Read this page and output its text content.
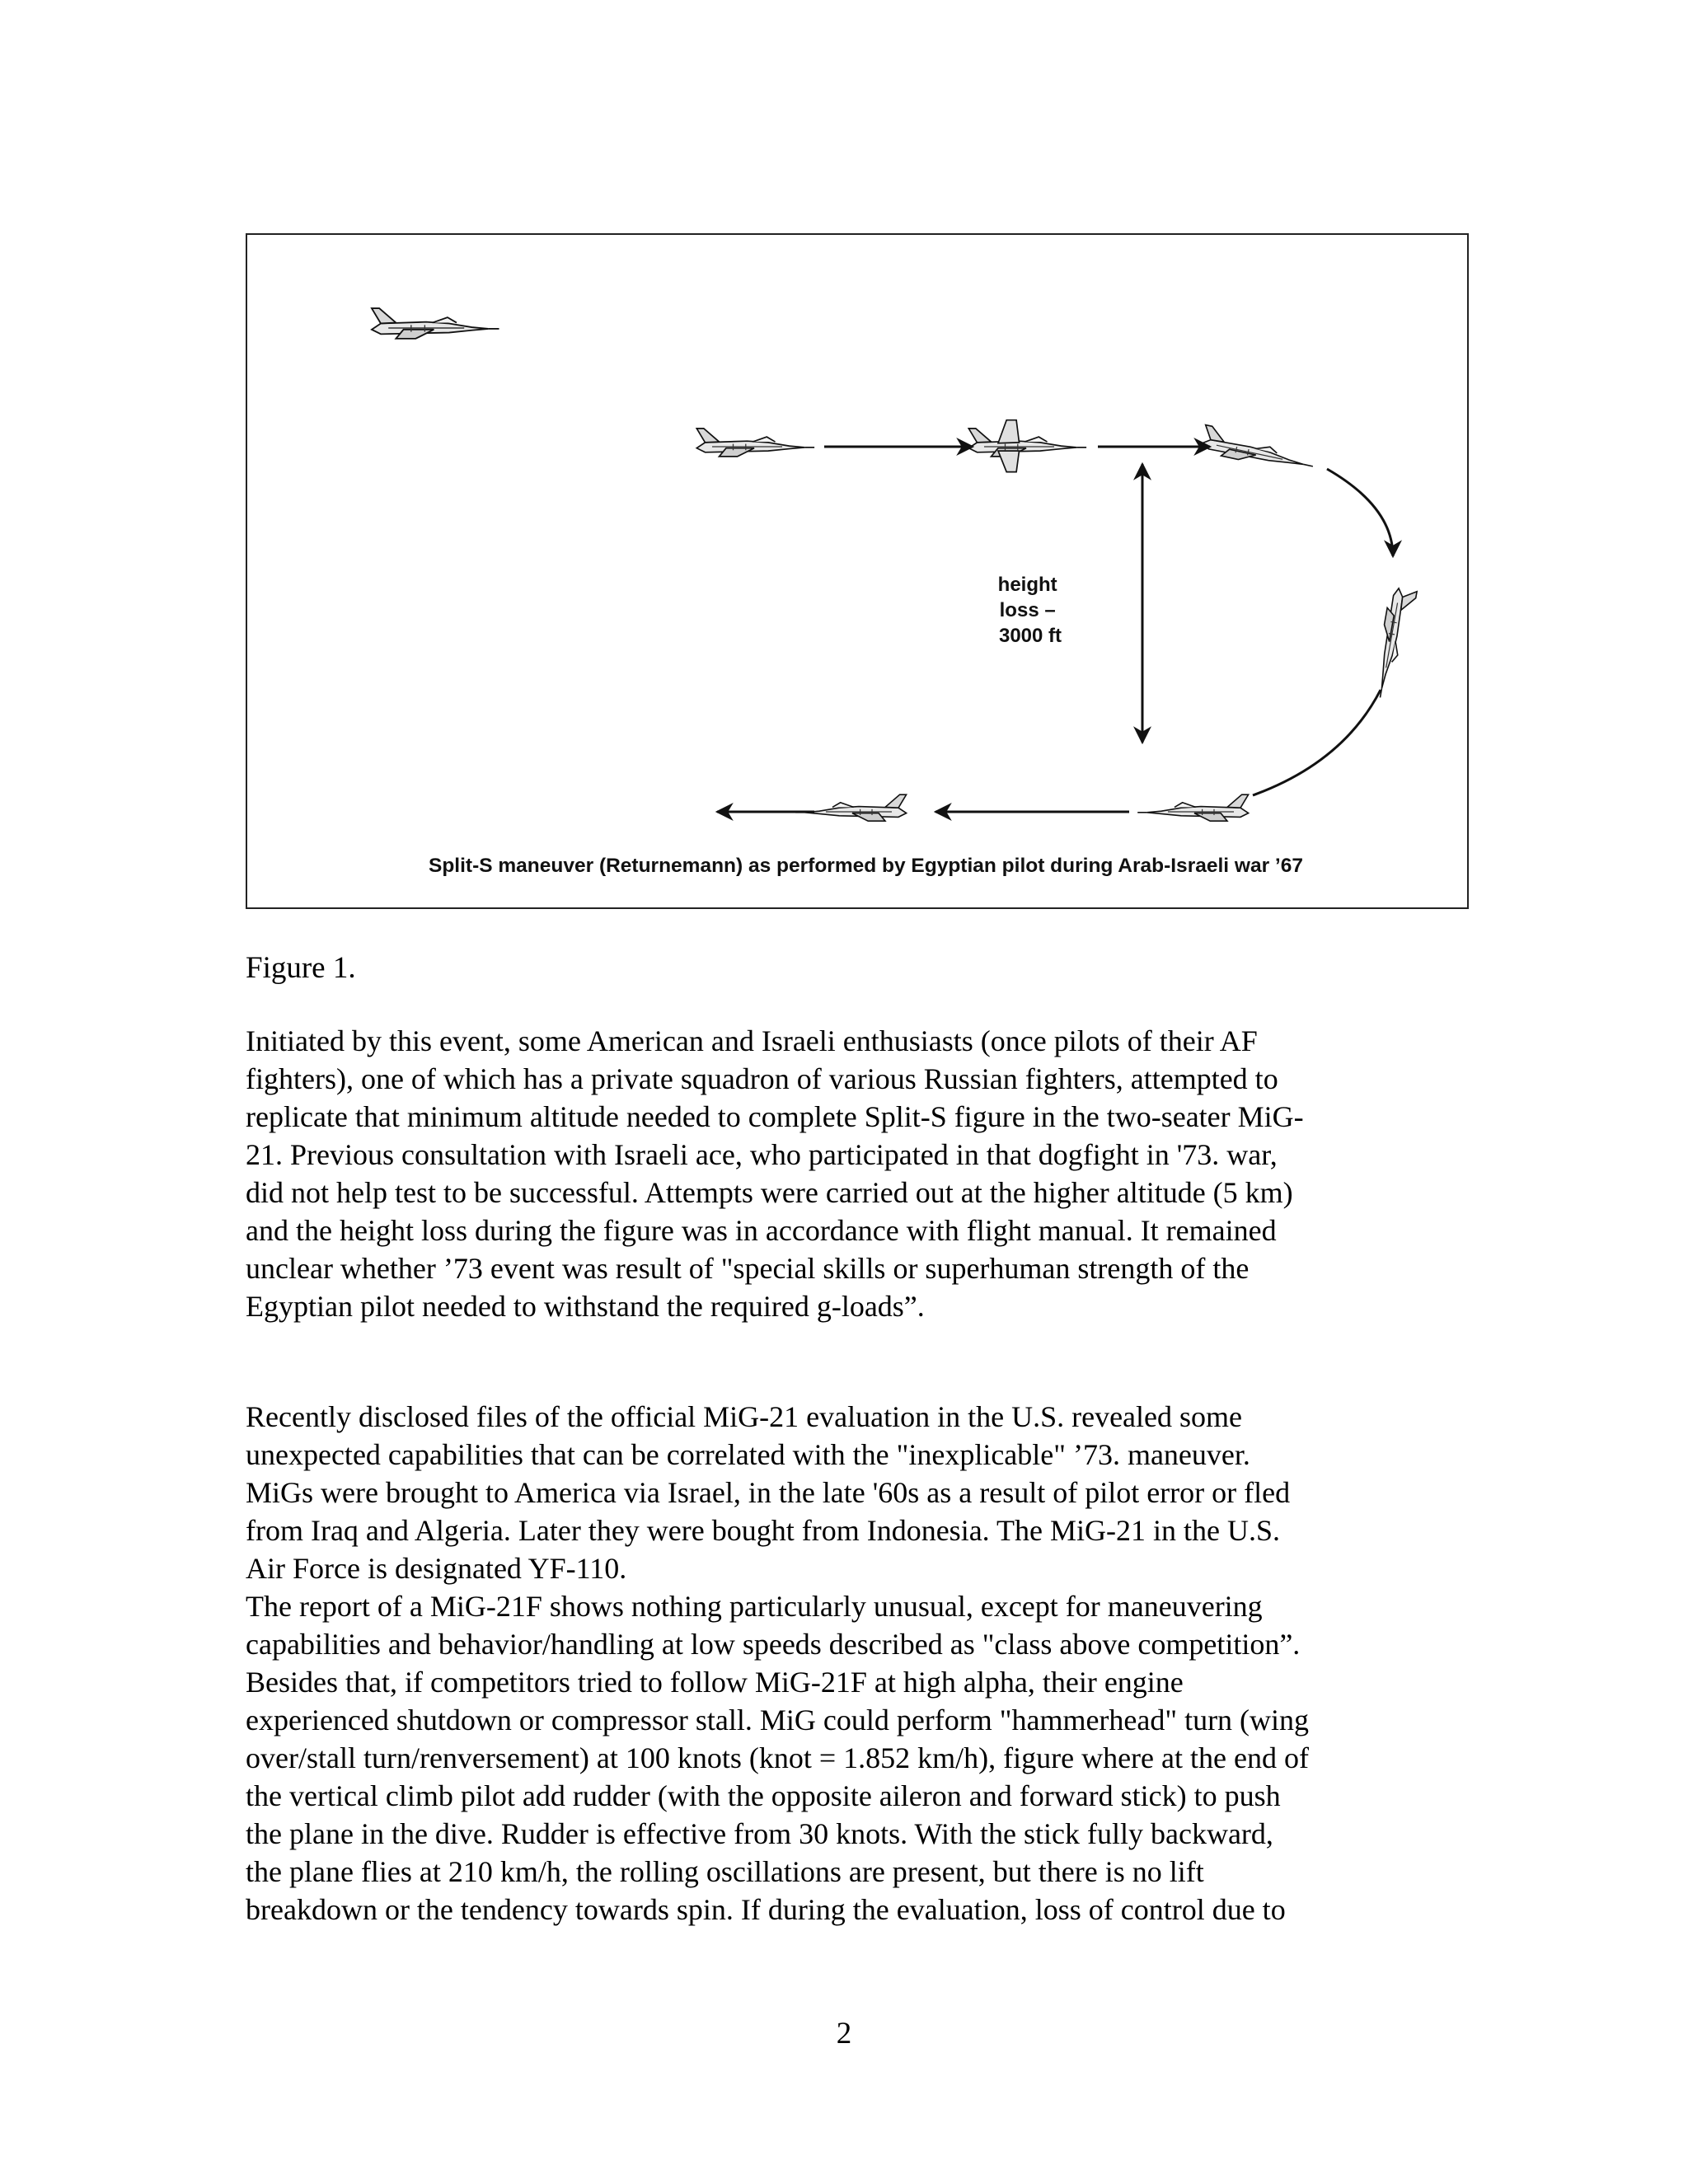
height loss – 3000 ft
Split-S maneuver (Returnemann) as performed by Egyptian pilot during Arab-Israeli war ’67
Figure 1.
Initiated by this event, some American and Israeli enthusiasts (once pilots of their AF
fighters), one of which has a private squadron of various Russian fighters, attempted to
replicate that minimum altitude needed to complete Split-S figure in the two-seater MiG-
21. Previous consultation with Israeli ace, who participated in that dogfight in '73. war,
did not help test to be successful. Attempts were carried out at the higher altitude (5 km)
and the height loss during the figure was in accordance with flight manual. It remained
unclear whether ’73 event was result of "special skills or superhuman strength of the
Egyptian pilot needed to withstand the required g-loads”.
Recently disclosed files of the official MiG-21 evaluation in the U.S. revealed some
unexpected capabilities that can be correlated with the "inexplicable" ’73. maneuver.
MiGs were brought to America via Israel, in the late '60s as a result of pilot error or fled
from Iraq and Algeria. Later they were bought from Indonesia. The MiG-21 in the U.S.
Air Force is designated YF-110.
The report of a MiG-21F shows nothing particularly unusual, except for maneuvering
capabilities and behavior/handling at low speeds described as "class above competition”.
Besides that, if competitors tried to follow MiG-21F at high alpha, their engine
experienced shutdown or compressor stall. MiG could perform "hammerhead" turn (wing
over/stall turn/renversement) at 100 knots (knot = 1.852 km/h), figure where at the end of
the vertical climb pilot add rudder (with the opposite aileron and forward stick) to push
the plane in the dive. Rudder is effective from 30 knots. With the stick fully backward,
the plane flies at 210 km/h, the rolling oscillations are present, but there is no lift
breakdown or the tendency towards spin. If during the evaluation, loss of control due to
2
